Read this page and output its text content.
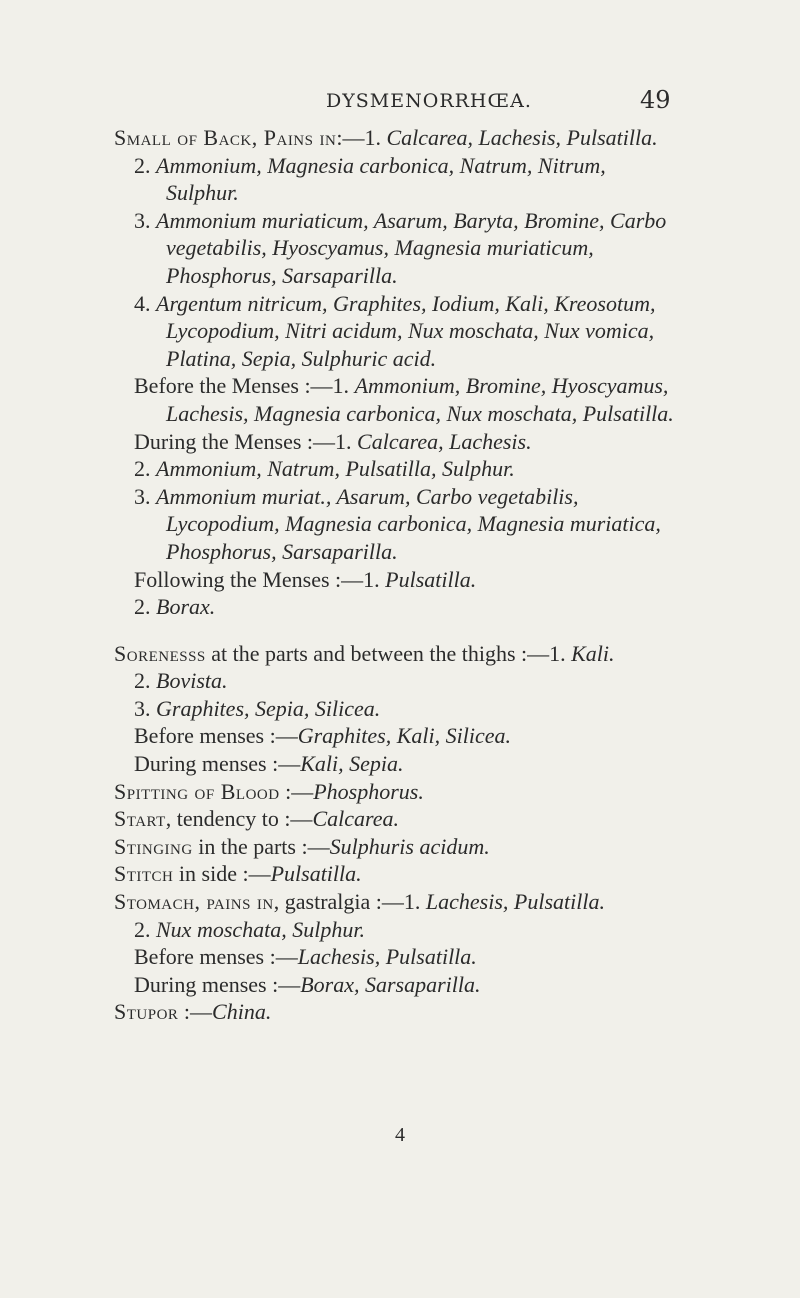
DYSMENORRHŒA.	49

Small of Back, Pains in:—1. Calcarea, Lachesis, Pulsatilla.

2. Ammonium, Magnesia carbonica, Natrum, Nitrum, Sulphur.

3. Ammonium muriaticum, Asarum, Baryta, Bromine, Carbo vegetabilis, Hyoscyamus, Magnesia muriaticum, Phosphorus, Sarsaparilla.

4. Argentum nitricum, Graphites, Iodium, Kali, Kreosotum, Lycopodium, Nitri acidum, Nux moschata, Nux vomica, Platina, Sepia, Sulphuric acid.

Before the Menses :—1. Ammonium, Bromine, Hyoscyamus, Lachesis, Magnesia carbonica, Nux moschata, Pulsatilla.

During the Menses :—1. Calcarea, Lachesis.

2. Ammonium, Natrum, Pulsatilla, Sulphur.

3. Ammonium muriat., Asarum, Carbo vegetabilis, Lycopodium, Magnesia carbonica, Magnesia muriatica, Phosphorus, Sarsaparilla.

Following the Menses :—1. Pulsatilla.

2. Borax.

Sorenesss at the parts and between the thighs :—1. Kali.

2. Bovista.

3. Graphites, Sepia, Silicea.

Before menses :—Graphites, Kali, Silicea.

During menses :—Kali, Sepia.

Spitting of Blood :—Phosphorus.

Start, tendency to :—Calcarea.

Stinging in the parts :—Sulphuris acidum.

Stitch in side :—Pulsatilla.

Stomach, pains in, gastralgia :—1. Lachesis, Pulsatilla.

2. Nux moschata, Sulphur.

Before menses :—Lachesis, Pulsatilla.

During menses :—Borax, Sarsaparilla.

Stupor :—China.

4
